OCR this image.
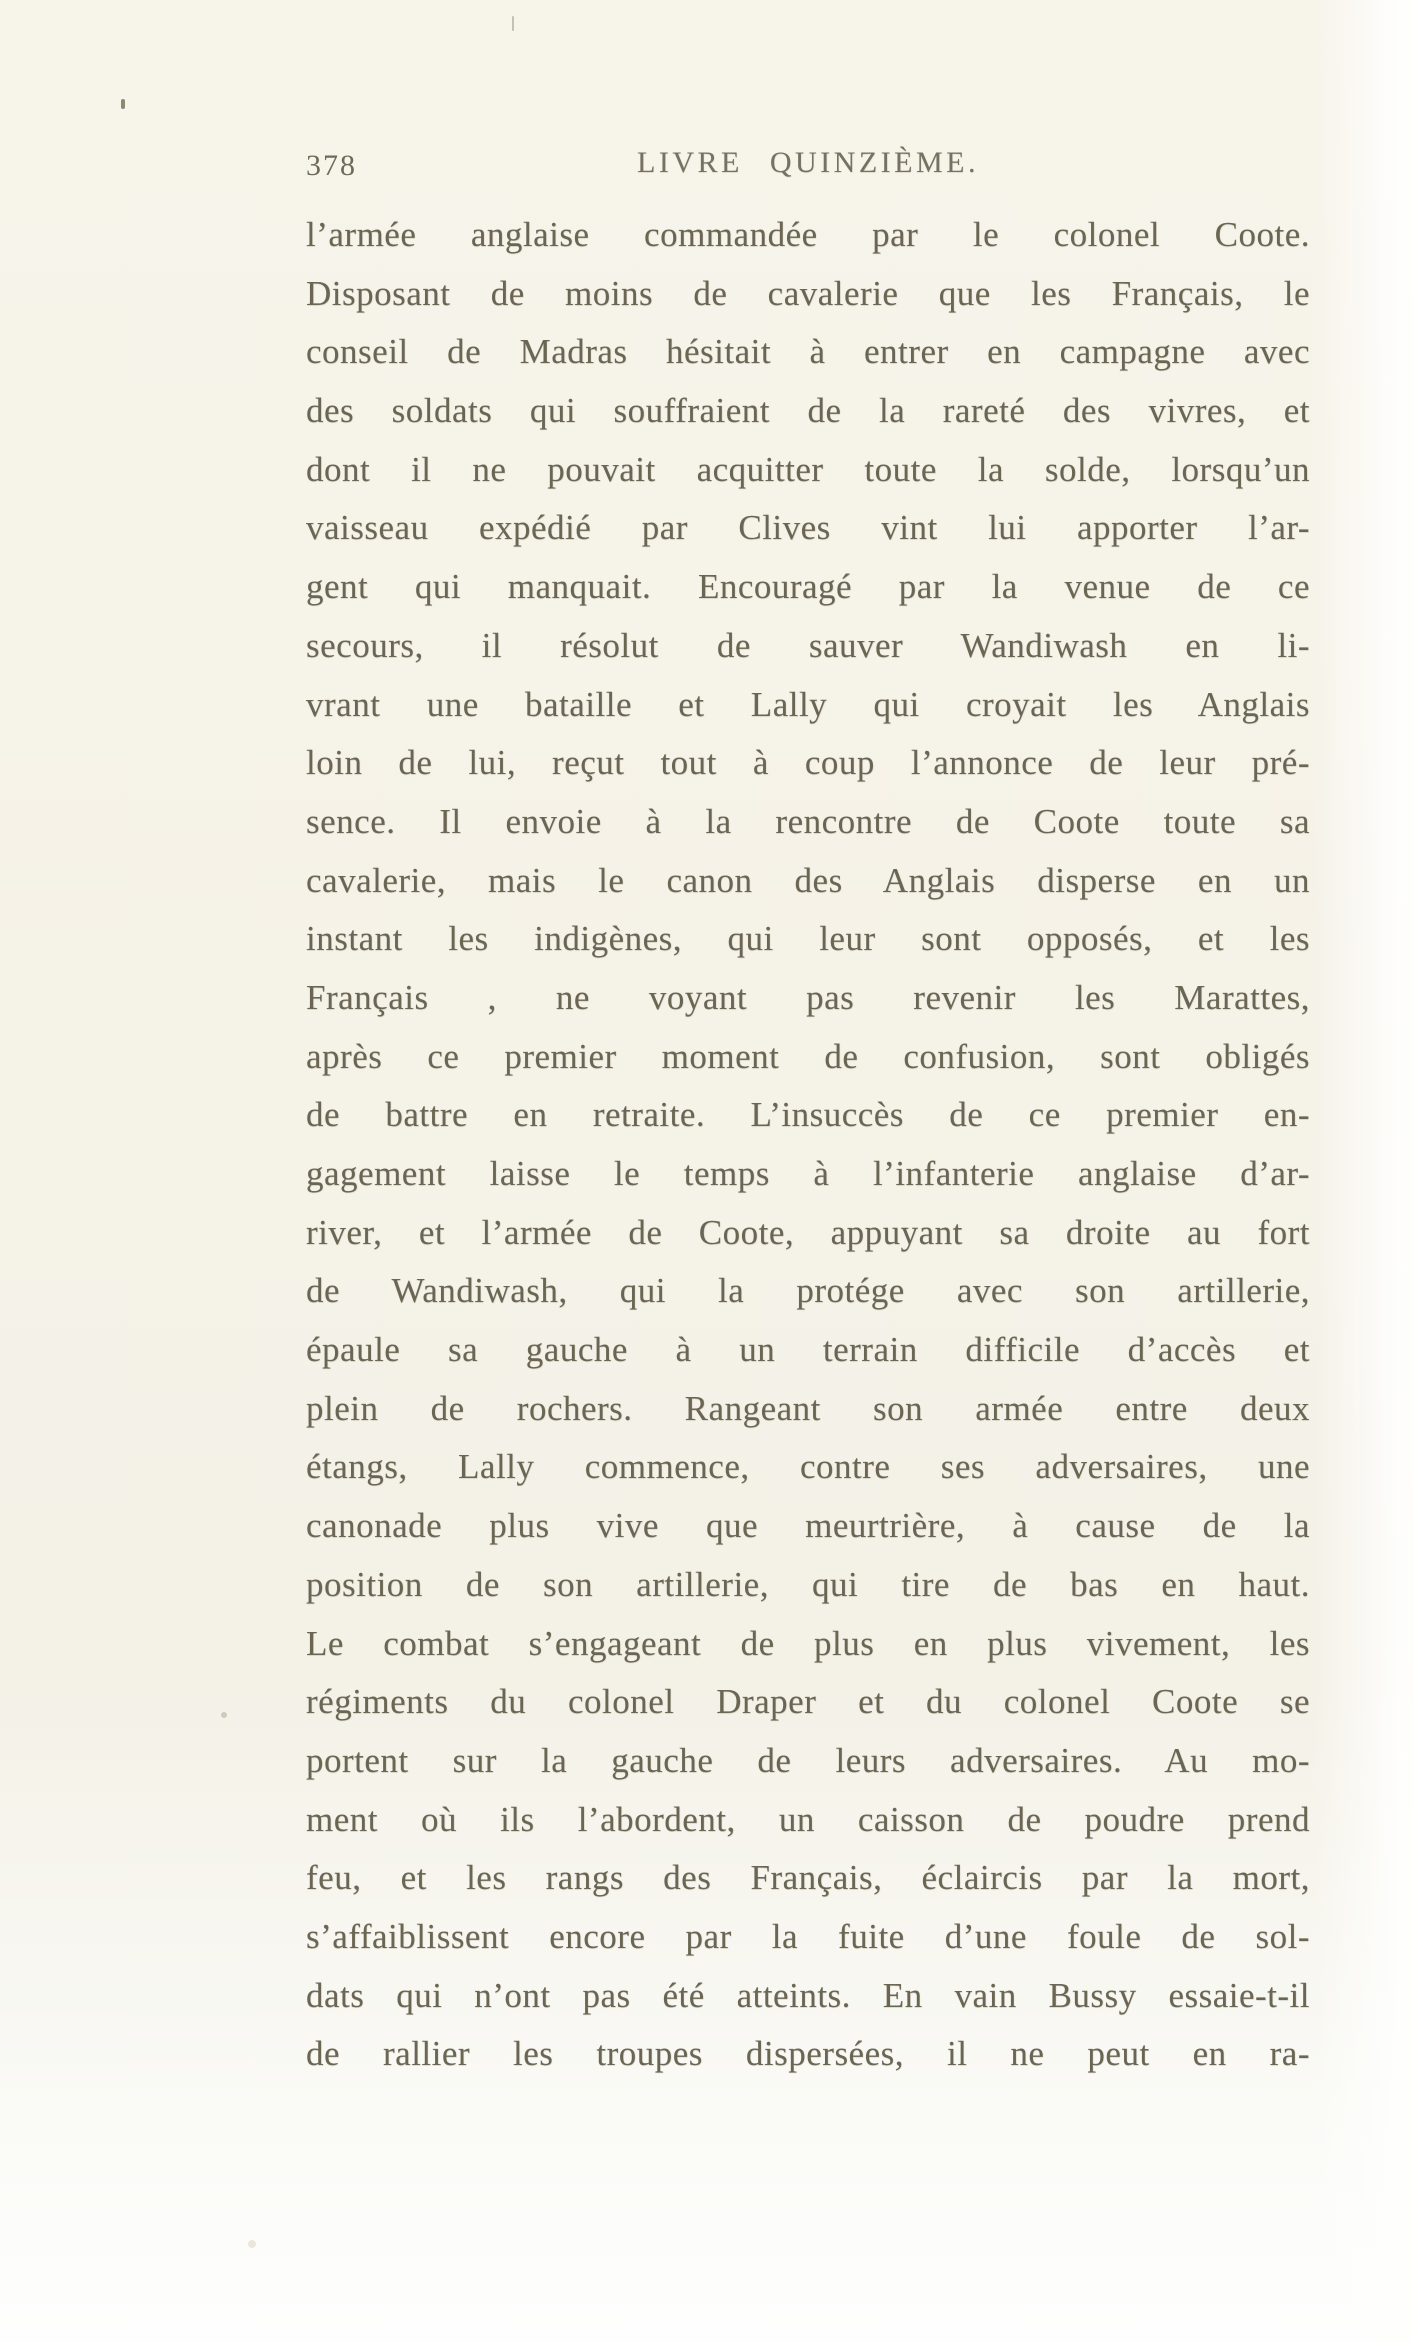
378	LIVRE QUINZIÈME.
l’armée anglaise commandée par le colonel Coote.
Disposant de moins de cavalerie que les Français, le
conseil de Madras hésitait à entrer en campagne avec
des soldats qui souffraient de la rareté des vivres, et
dont il ne pouvait acquitter toute la solde, lorsqu’un
vaisseau expédié par Clives vint lui apporter l’ar-
gent qui manquait. Encouragé par la venue de ce
secours, il résolut de sauver Wandiwash en li-
vrant une bataille et Lally qui croyait les Anglais
loin de lui, reçut tout à coup l’annonce de leur pré-
sence. Il envoie à la rencontre de Coote toute sa
cavalerie, mais le canon des Anglais disperse en un
instant les indigènes, qui leur sont opposés, et les
Français , ne voyant pas revenir les Marattes,
après ce premier moment de confusion, sont obligés
de battre en retraite. L’insuccès de ce premier en-
gagement laisse le temps à l’infanterie anglaise d’ar-
river, et l’armée de Coote, appuyant sa droite au fort
de Wandiwash, qui la protége avec son artillerie,
épaule sa gauche à un terrain difficile d’accès et
plein de rochers. Rangeant son armée entre deux
étangs, Lally commence, contre ses adversaires, une
canonade plus vive que meurtrière, à cause de la
position de son artillerie, qui tire de bas en haut.
Le combat s’engageant de plus en plus vivement, les
régiments du colonel Draper et du colonel Coote se
portent sur la gauche de leurs adversaires. Au mo-
ment où ils l’abordent, un caisson de poudre prend
feu, et les rangs des Français, éclaircis par la mort,
s’affaiblissent encore par la fuite d’une foule de sol-
dats qui n’ont pas été atteints. En vain Bussy essaie-t-il
de rallier les troupes dispersées, il ne peut en ra-
